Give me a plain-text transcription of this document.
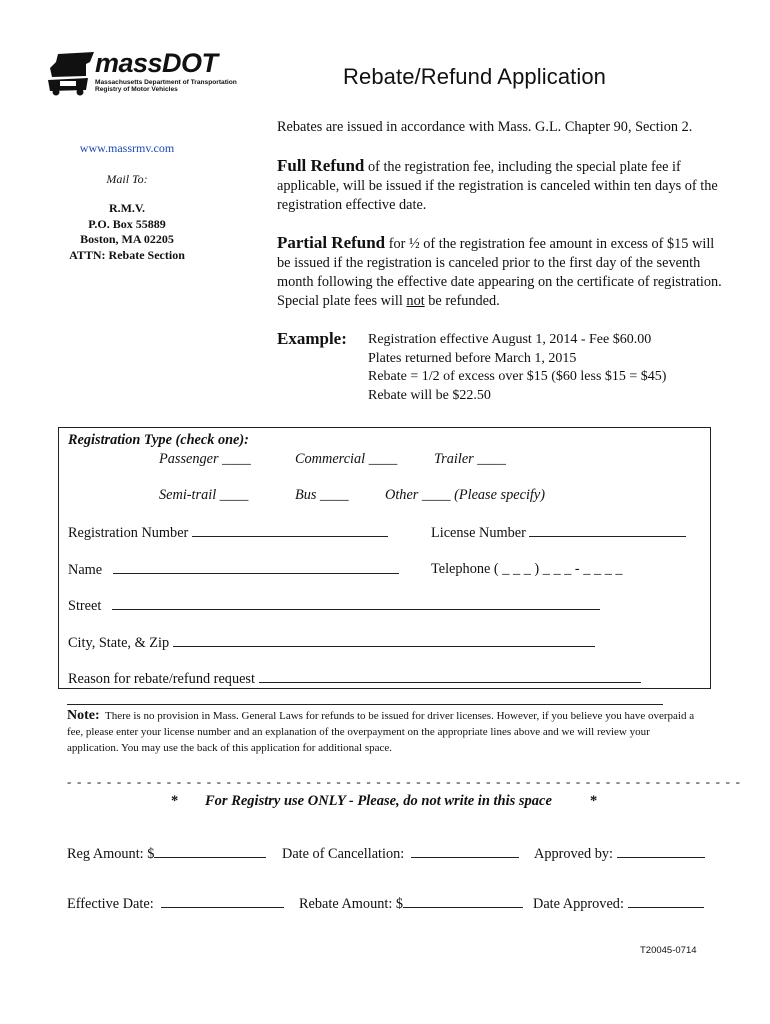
massDOT
Massachusetts Department of Transportation
Registry of Motor Vehicles
Rebate/Refund Application
Rebates are issued in accordance with Mass. G.L. Chapter 90, Section 2.
www.massrmv.com
Mail To:
R.M.V.
P.O. Box 55889
Boston, MA 02205
ATTN: Rebate Section
Full Refund of the registration fee, including the special plate fee if applicable, will be issued if the registration is canceled within ten days of the registration effective date.
Partial Refund for ½ of the registration fee amount in excess of $15 will be issued if the registration is canceled prior to the first day of the seventh month following the effective date appearing on the certificate of registration. Special plate fees will not be refunded.
Example: Registration effective August 1, 2014 - Fee $60.00
Plates returned before March 1, 2015
Rebate = 1/2 of excess over $15 ($60 less $15 = $45)
Rebate will be $22.50
Registration Type (check one):
Passenger ____	Commercial ____	Trailer ____
Semi-trail ____	Bus ____	Other ____ (Please specify)
Registration Number	License Number
Name	Telephone ( _ _ _ ) _ _ _ - _ _ _ _
Street
City, State, & Zip
Reason for rebate/refund request
Note: There is no provision in Mass. General Laws for refunds to be issued for driver licenses. However, if you believe you have overpaid a fee, please enter your license number and an explanation of the overpayment on the appropriate lines above and we will review your application. You may use the back of this application for additional space.
- - - - - - - - - - - - - - - - - - - - - - - - - - - - - - - - - - - - - - - - - - - - - - - - - - - - - - - - - - - - - - - - - - - -
* For Registry use ONLY - Please, do not write in this space	*
Reg Amount: $	Date of Cancellation:	Approved by:
Effective Date:	Rebate Amount: $	Date Approved:
T20045-0714
